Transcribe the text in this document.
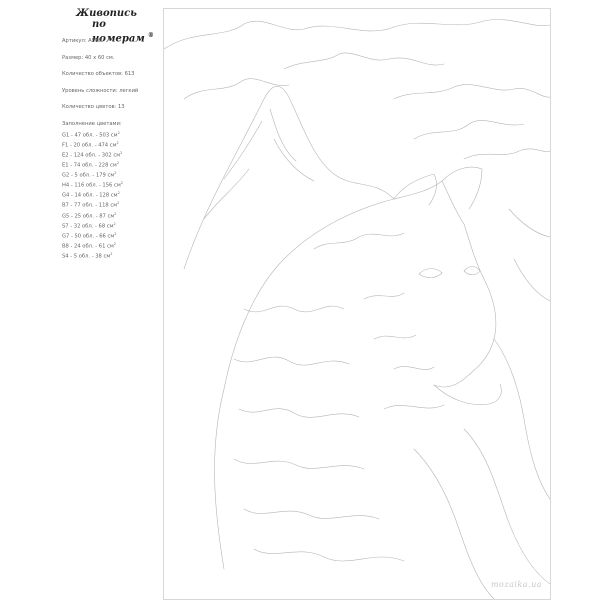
Живопись
по номерам ®
Артикул: A506
Размер: 40 x 60 см.
Количество объектов: 613
Уровень сложности: легкий
Количество цветов: 13
Заполнение цветами:
G1 - 47 обл. - 503 $см^2$
F1 - 20 обл. - 474 $см^2$
E2 - 124 обл. - 302 $см^2$
E1 - 74 обл. - 228 $см^2$
G2 - 5 обл. - 179 $см^2$
H4 - 116 обл. - 156 $см^2$
G4 - 14 обл. - 128 $см^2$
B7 - 77 обл. - 118 $см^2$
G5 - 25 обл. - 87 $см^2$
S7 - 32 обл. - 68 $см^2$
G7 - 50 обл. - 66 $см^2$
B8 - 24 обл. - 61 $см^2$
S4 - 5 обл. - 38 $см^2$
mozaika.ua
